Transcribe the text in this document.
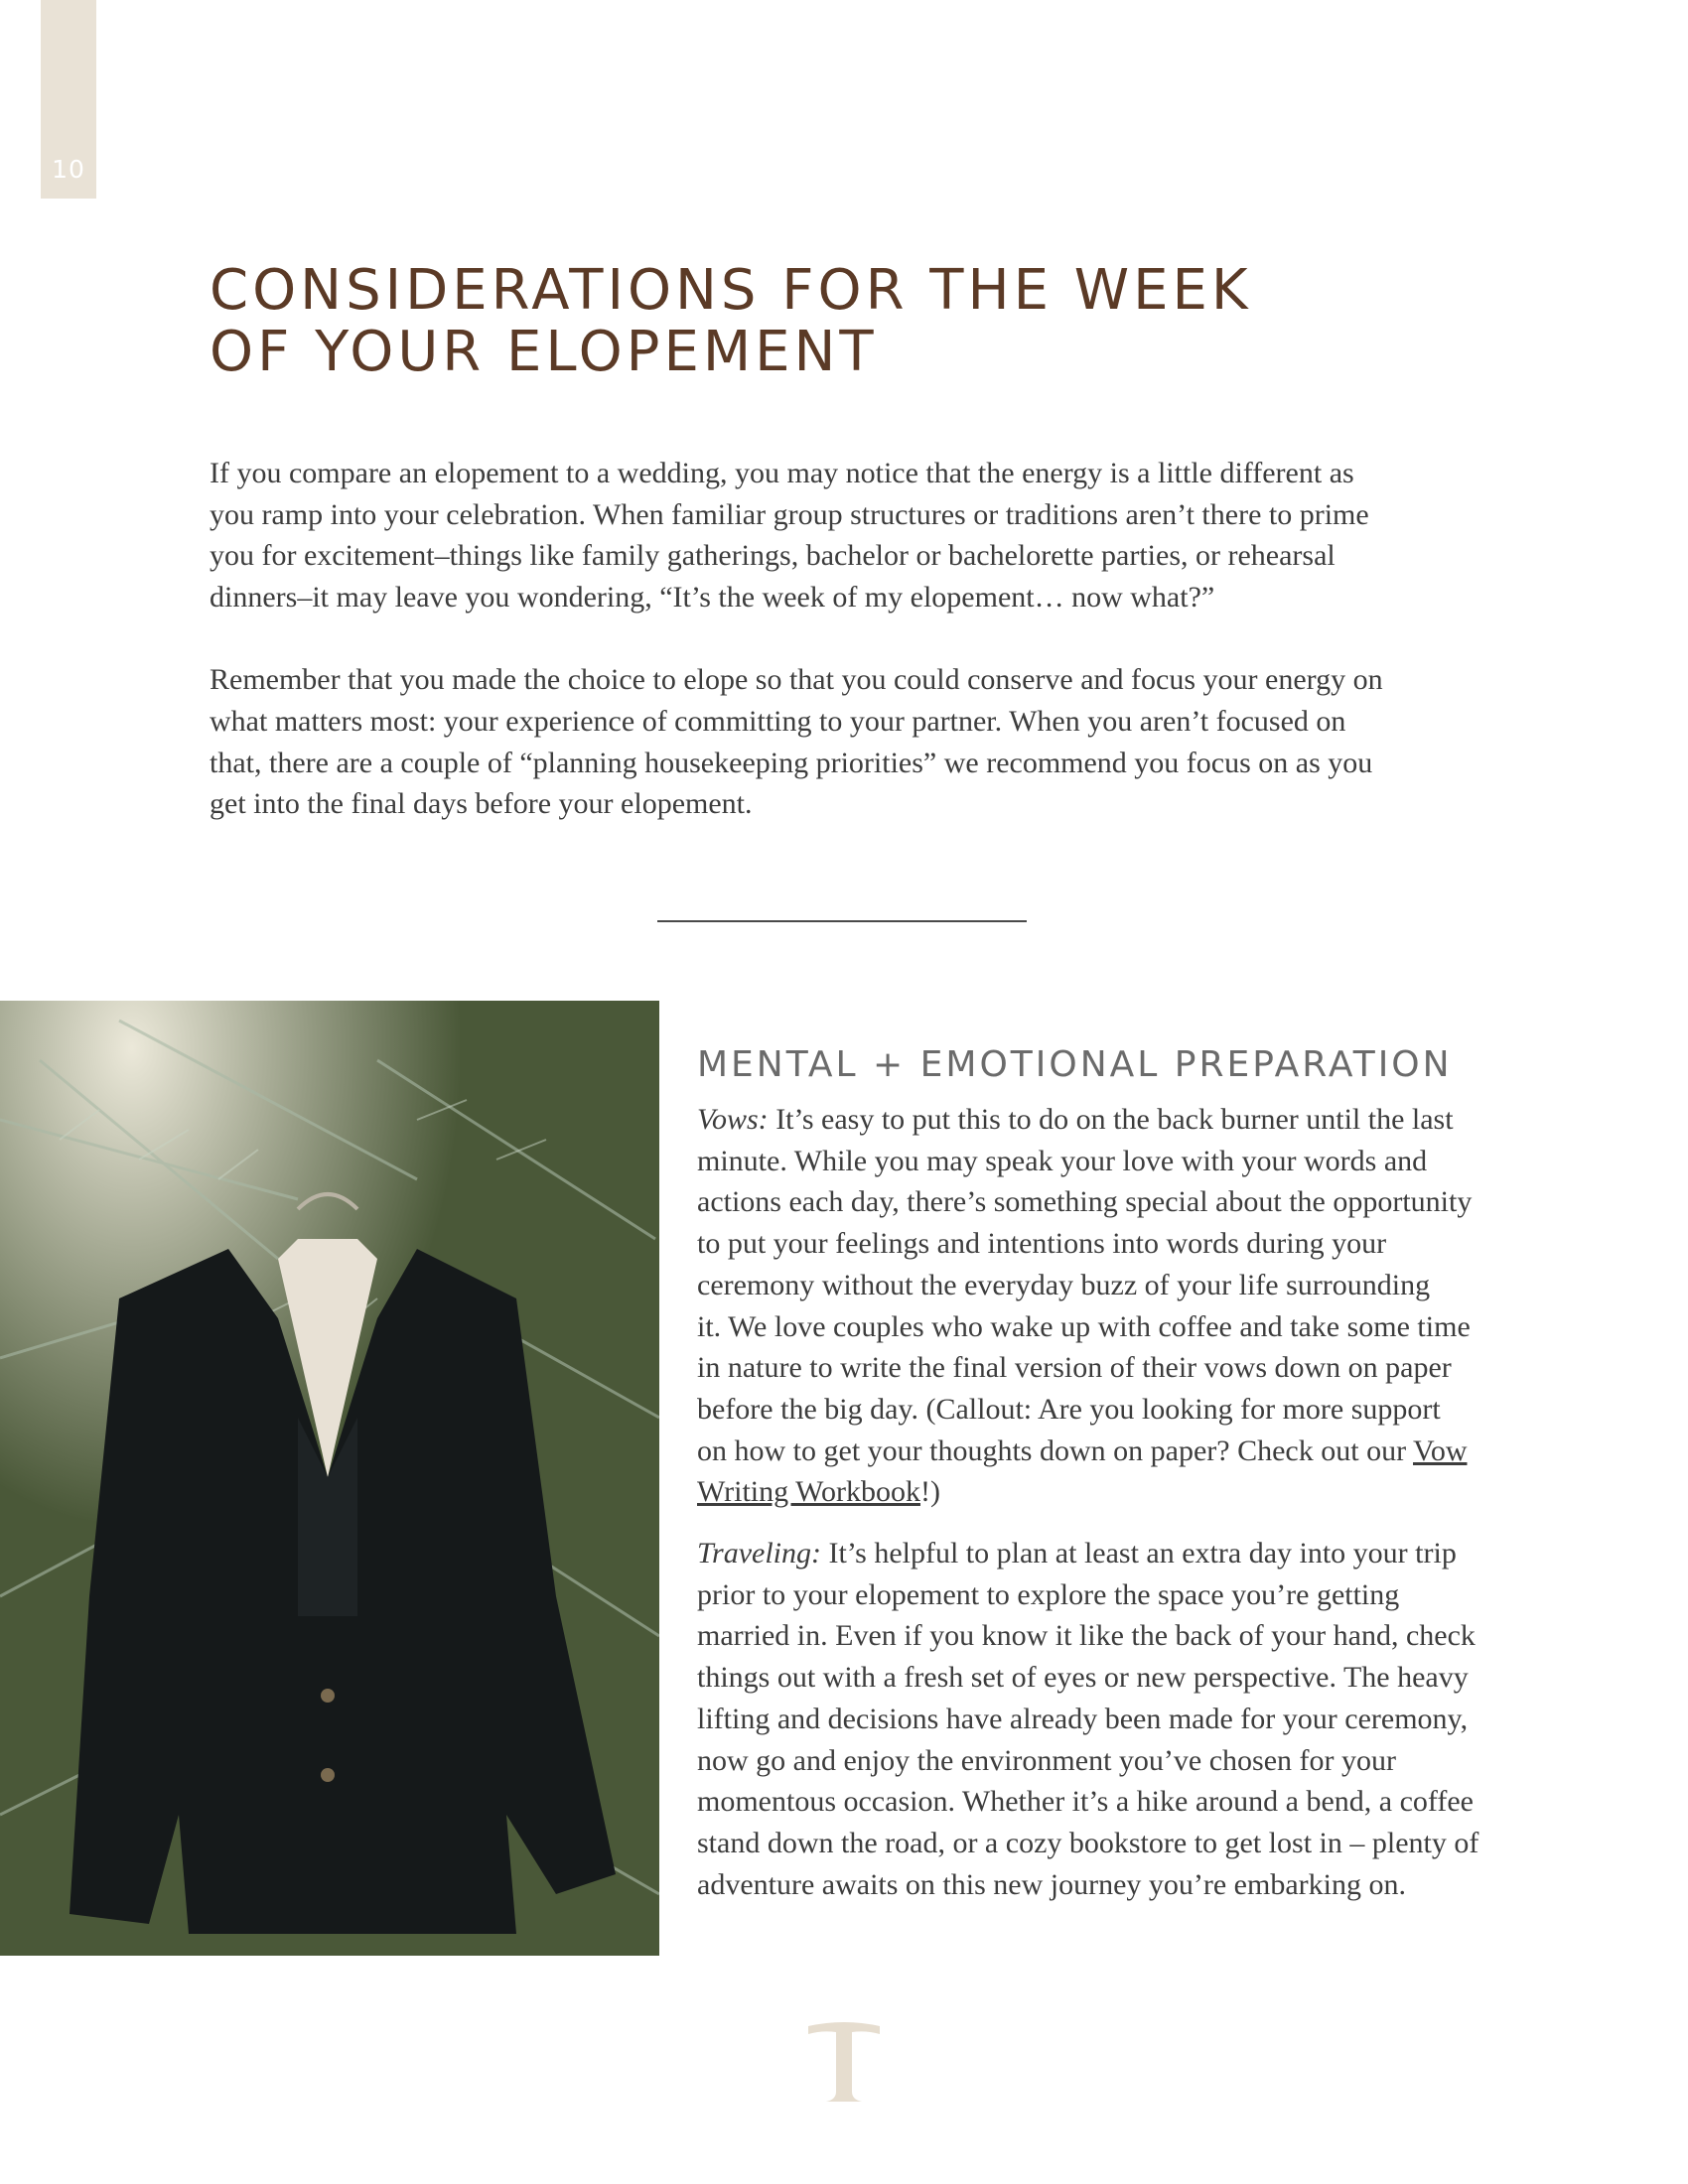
10
CONSIDERATIONS FOR THE WEEK
OF YOUR ELOPEMENT

If you compare an elopement to a wedding, you may notice that the energy is a little different as
you ramp into your celebration. When familiar group structures or traditions aren’t there to prime
you for excitement–things like family gatherings, bachelor or bachelorette parties, or rehearsal
dinners–it may leave you wondering, “It’s the week of my elopement… now what?”

Remember that you made the choice to elope so that you could conserve and focus your energy on
what matters most: your experience of committing to your partner. When you aren’t focused on
that, there are a couple of “planning housekeeping priorities” we recommend you focus on as you
get into the final days before your elopement.

MENTAL + EMOTIONAL PREPARATION

Vows: It’s easy to put this to do on the back burner until the last
minute. While you may speak your love with your words and
actions each day, there’s something special about the opportunity
to put your feelings and intentions into words during your
ceremony without the everyday buzz of your life surrounding
it. We love couples who wake up with coffee and take some time
in nature to write the final version of their vows down on paper
before the big day. (Callout: Are you looking for more support
on how to get your thoughts down on paper? Check out our Vow
Writing Workbook!)

Traveling: It’s helpful to plan at least an extra day into your trip
prior to your elopement to explore the space you’re getting
married in. Even if you know it like the back of your hand, check
things out with a fresh set of eyes or new perspective. The heavy
lifting and decisions have already been made for your ceremony,
now go and enjoy the environment you’ve chosen for your
momentous occasion. Whether it’s a hike around a bend, a coffee
stand down the road, or a cozy bookstore to get lost in – plenty of
adventure awaits on this new journey you’re embarking on.
